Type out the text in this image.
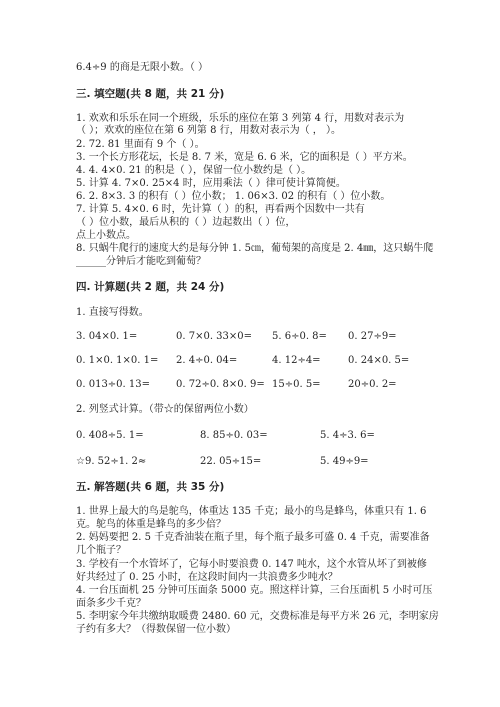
6.4÷9 的商是无限小数。（ ）
三. 填空题(共 8 题，共 21 分)
1. 欢欢和乐乐在同一个班级，乐乐的座位在第 3 列第 4 行，用数对表示为
（ ）；欢欢的座位在第 6 列第 8 行，用数对表示为（ ， ）。
2. 72. 81 里面有 9 个（ ）。
3. 一个长方形花坛，长是 8. 7 米，宽是 6. 6 米，它的面积是（ ）平方米。
4. 4. 4×0. 21 的积是（ ），保留一位小数约是（ ）。
5. 计算 4. 7×0. 25×4 时，应用乘法（ ）律可使计算简便。
6. 2. 8×3. 3 的积有（ ）位小数； 1. 06×3. 02 的积有（ ）位小数。
7. 计算 5. 4×0. 6 时，先计算（ ）的积，再看两个因数中一共有
（ ）位小数，最后从积的（ ）边起数出（ ）位，
点上小数点。
8. 只蜗牛爬行的速度大约是每分钟 1. 5㎝，葡萄架的高度是 2. 4㎜，这只蜗牛爬
______分钟后才能吃到葡萄？
四. 计算题(共 2 题，共 24 分)
1. 直接写得数。
3. 04×0. 1=	0. 7×0. 33×0= 5. 6÷0. 8= 0. 27÷9=
0. 1×0. 1×0. 1= 2. 4÷0. 04=	4. 12÷4=	0. 24×0. 5=
0. 013÷0. 13=	0. 72÷0. 8×0. 9= 15÷0. 5=	20÷0. 2=
2. 列竖式计算。（带☆的保留两位小数）
0. 408÷5. 1=	8. 85÷0. 03=	5. 4÷3. 6=
☆9. 52÷1. 2≈	22. 05÷15=	5. 49÷9=
五. 解答题(共 6 题，共 35 分)
1. 世界上最大的鸟是鸵鸟，体重达 135 千克；最小的鸟是蜂鸟，体重只有 1. 6
克。鸵鸟的体重是蜂鸟的多少倍？
2. 妈妈要把 2. 5 千克香油装在瓶子里，每个瓶子最多可盛 0. 4 千克，需要准备
几个瓶子？
3. 学校有一个水管坏了，它每小时要浪费 0. 147 吨水，这个水管从坏了到被修
好共经过了 0. 25 小时，在这段时间内一共浪费多少吨水？
4. 一台压面机 25 分钟可压面条 5000 克。照这样计算，三台压面机 5 小时可压
面条多少千克？
5. 李明家今年共缴纳取暖费 2480. 60 元，交费标准是每平方米 26 元，李明家房
子约有多大？（得数保留一位小数）
